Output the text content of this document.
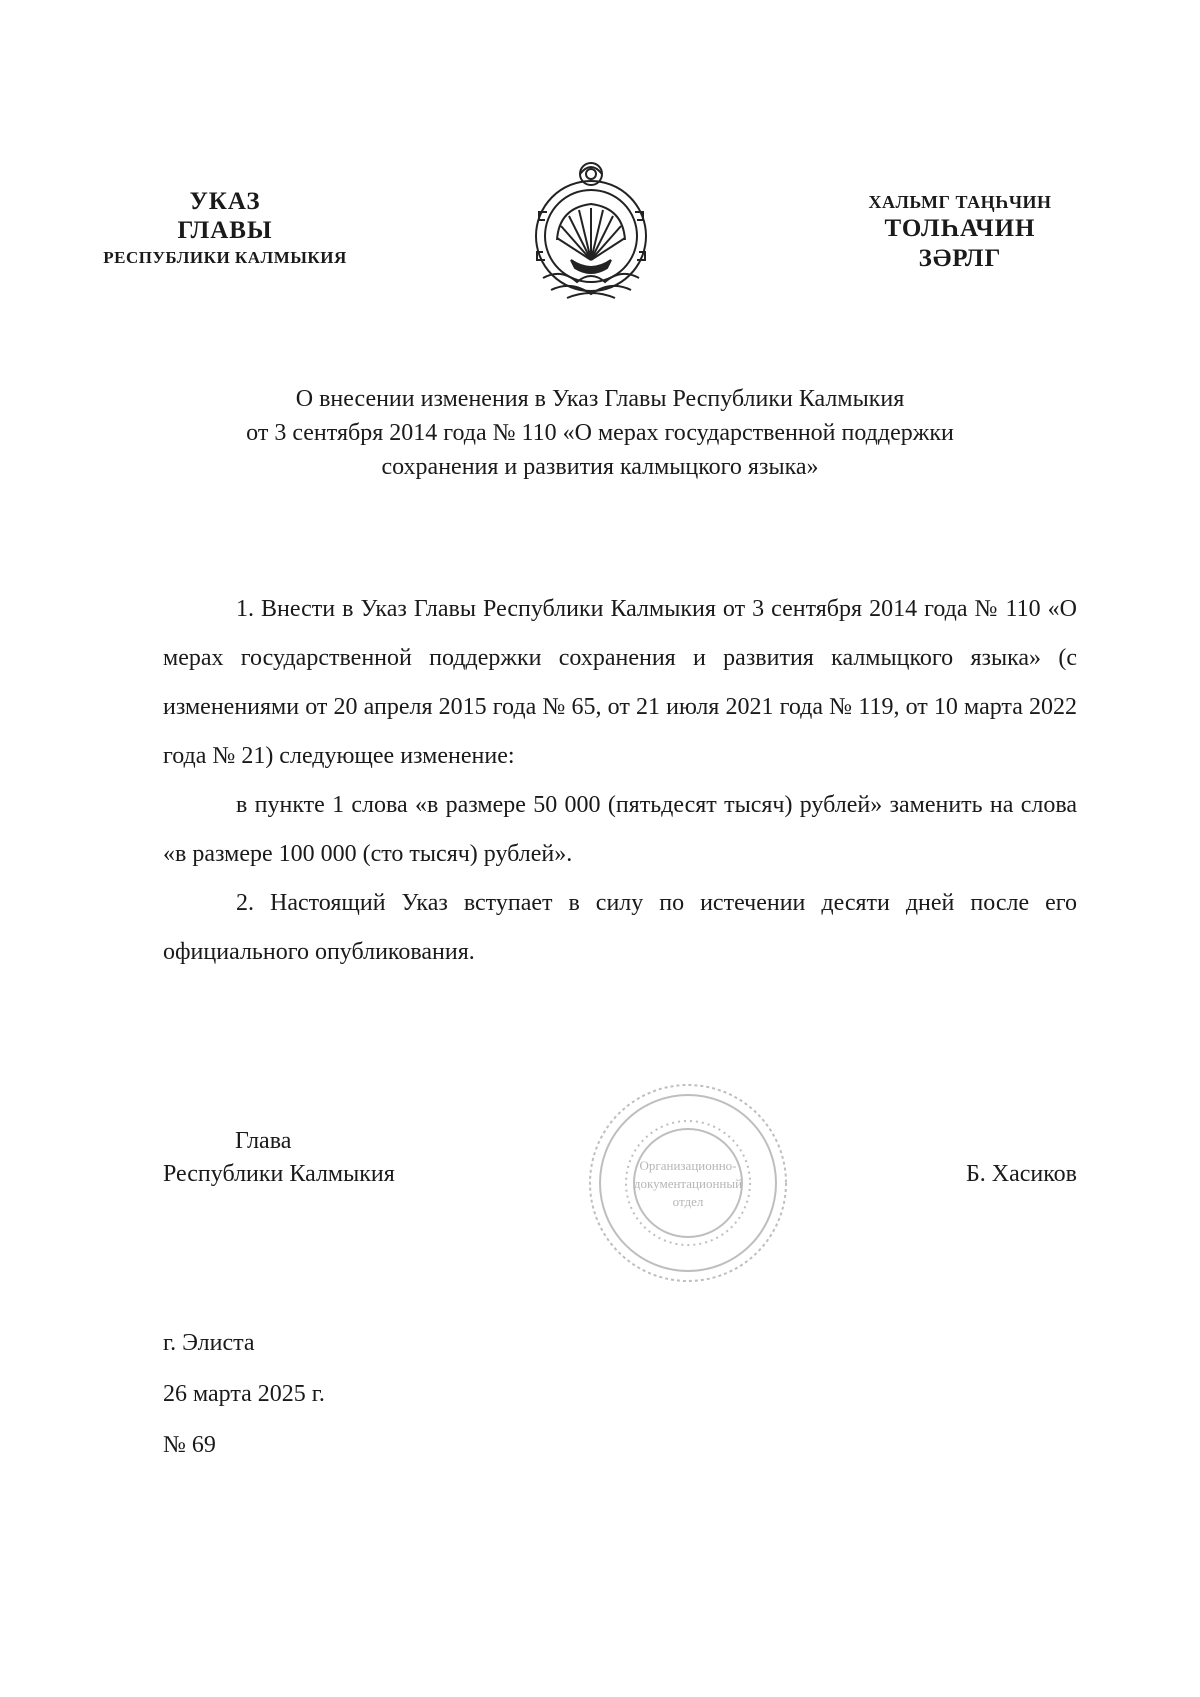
УКАЗ
ГЛАВЫ
РЕСПУБЛИКИ КАЛМЫКИЯ
ХАЛЬМГ ТАҢҺЧИН
ТОЛҺАЧИН
ЗӘРЛГ
О внесении изменения в Указ Главы Республики Калмыкия
от 3 сентября 2014 года № 110 «О мерах государственной поддержки
сохранения и развития калмыцкого языка»

1. Внести в Указ Главы Республики Калмыкия от 3 сентября 2014 года № 110 «О мерах государственной поддержки сохранения и развития калмыцкого языка» (с изменениями от 20 апреля 2015 года № 65, от 21 июля 2021 года № 119, от 10 марта 2022 года № 21) следующее изменение:

в пункте 1 слова «в размере 50 000 (пятьдесят тысяч) рублей» заменить на слова «в размере 100 000 (сто тысяч) рублей».

2. Настоящий Указ вступает в силу по истечении десяти дней после его официального опубликования.

Глава
Республики Калмыкия	Организационно-
документационный
отдел
Б. Хасиков
г. Элиста
26 марта 2025 г.
№ 69
